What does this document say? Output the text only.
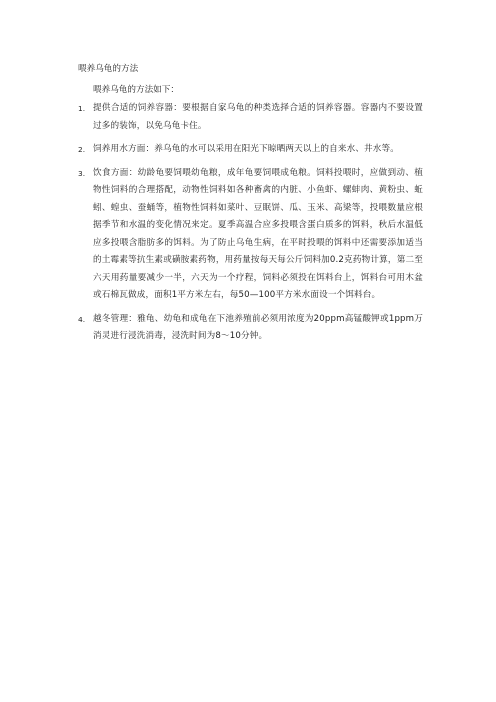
喂养乌龟的方法
喂养乌龟的方法如下：
1. 提供合适的饲养容器：要根据自家乌龟的种类选择合适的饲养容器。容器内不要设置过多的装饰，以免乌龟卡住。
2. 饲养用水方面：养乌龟的水可以采用在阳光下晾晒两天以上的自来水、井水等。
3. 饮食方面：幼龄龟要饲喂幼龟粮，成年龟要饲喂成龟粮。饲料投喂时，应做到动、植物性饲料的合理搭配，动物性饲料如各种畜禽的内脏、小鱼虾、螺蚌肉、黄粉虫、蚯蚓、蝗虫、蚕蛹等，植物性饲料如菜叶、豆眠饼、瓜、玉米、高梁等，投喂数量应根据季节和水温的变化情况来定。夏季高温合应多投喂含蛋白质多的饵料，秋后水温低应多投喂含脂肪多的饵料。为了防止乌龟生病，在平时投喂的饵料中还需要添加适当的土霉素等抗生素或磺胺素药物，用药量按每天每公斤饲料加0.2克药物计算，第二至六天用药量要减少一半，六天为一个疗程，饲料必须投在饵料台上，饵料台可用木盆或石棉瓦做成，面积1平方米左右，每50—100平方米水面设一个饵料台。
4. 越冬管理：雅龟、幼龟和成龟在下池养殖前必须用浓度为20ppm高锰酸钾或1ppm万消灵进行浸洗消毒，浸洗时间为8～10分钟。
